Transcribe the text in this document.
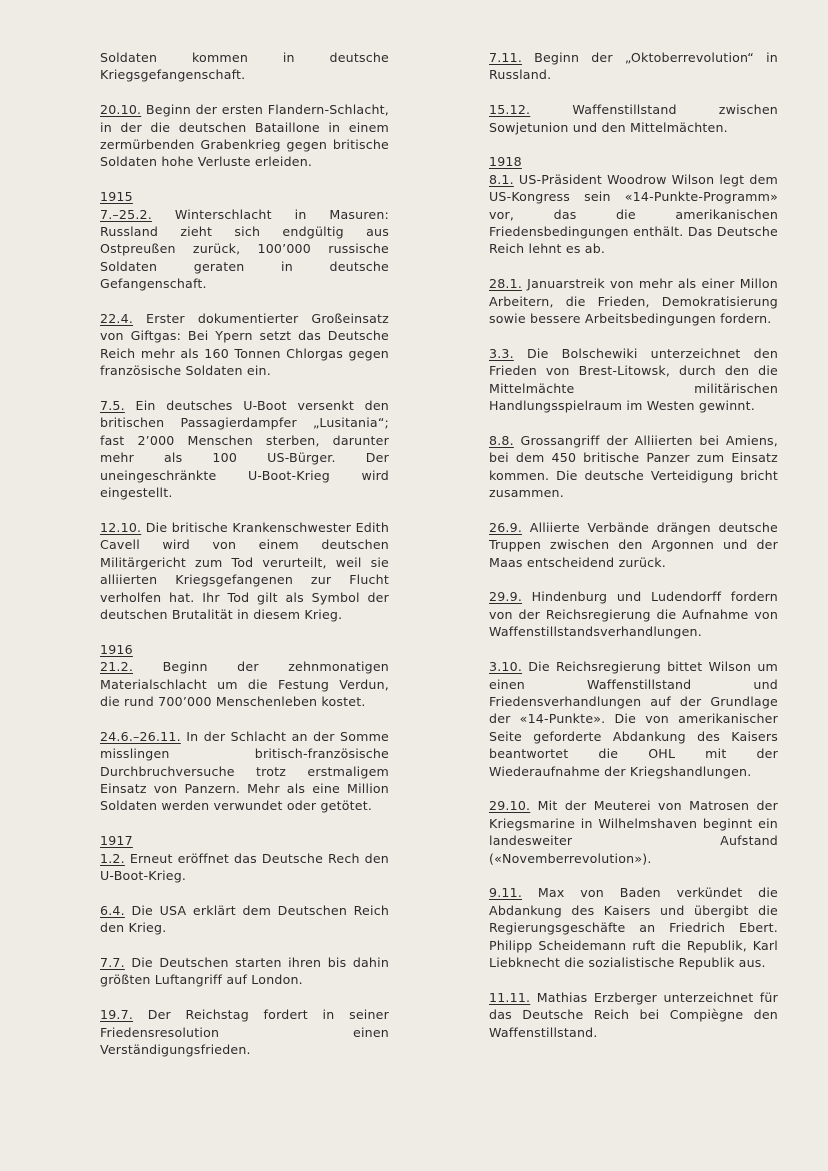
Soldaten kommen in deutsche Kriegsgefangenschaft.

20.10. Beginn der ersten Flandern-Schlacht, in der die deutschen Bataillone in einem zermürbenden Grabenkrieg gegen britische Soldaten hohe Verluste erleiden.

1915

7.–25.2. Winterschlacht in Masuren: Russland zieht sich endgültig aus Ostpreußen zurück, 100’000 russische Soldaten geraten in deutsche Gefangenschaft.

22.4. Erster dokumentierter Großeinsatz von Giftgas: Bei Ypern setzt das Deutsche Reich mehr als 160 Tonnen Chlorgas gegen französische Soldaten ein.

7.5. Ein deutsches U-Boot versenkt den britischen Passagierdampfer „Lusitania“; fast 2’000 Menschen sterben, darunter mehr als 100 US-Bürger. Der uneingeschränkte U-Boot-Krieg wird eingestellt.

12.10. Die britische Krankenschwester Edith Cavell wird von einem deutschen Militärgericht zum Tod verurteilt, weil sie alliierten Kriegsgefangenen zur Flucht verholfen hat. Ihr Tod gilt als Symbol der deutschen Brutalität in diesem Krieg.

1916

21.2. Beginn der zehnmonatigen Materialschlacht um die Festung Verdun, die rund 700’000 Menschenleben kostet.

24.6.–26.11. In der Schlacht an der Somme misslingen britisch-französische Durchbruchversuche trotz erstmaligem Einsatz von Panzern. Mehr als eine Million Soldaten werden verwundet oder getötet.

1917

1.2. Erneut eröffnet das Deutsche Rech den U-Boot-Krieg.

6.4. Die USA erklärt dem Deutschen Reich den Krieg.

7.7. Die Deutschen starten ihren bis dahin größten Luftangriff auf London.

19.7. Der Reichstag fordert in seiner Friedensresolution einen Verständigungsfrieden.

7.11. Beginn der „Oktoberrevolution“ in Russland.

15.12. Waffenstillstand zwischen Sowjetunion und den Mittelmächten.

1918

8.1. US-Präsident Woodrow Wilson legt dem US-Kongress sein «14-Punkte-Programm» vor, das die amerikanischen Friedensbedingungen enthält. Das Deutsche Reich lehnt es ab.

28.1. Januarstreik von mehr als einer Millon Arbeitern, die Frieden, Demokratisierung sowie bessere Arbeitsbedingungen fordern.

3.3. Die Bolschewiki unterzeichnet den Frieden von Brest-Litowsk, durch den die Mittelmächte militärischen Handlungsspielraum im Westen gewinnt.

8.8. Grossangriff der Alliierten bei Amiens, bei dem 450 britische Panzer zum Einsatz kommen. Die deutsche Verteidigung bricht zusammen.

26.9. Alliierte Verbände drängen deutsche Truppen zwischen den Argonnen und der Maas entscheidend zurück.

29.9. Hindenburg und Ludendorff fordern von der Reichsregierung die Aufnahme von Waffenstillstandsverhandlungen.

3.10. Die Reichsregierung bittet Wilson um einen Waffenstillstand und Friedensverhandlungen auf der Grundlage der «14-Punkte». Die von amerikanischer Seite geforderte Abdankung des Kaisers beantwortet die OHL mit der Wiederaufnahme der Kriegshandlungen.

29.10. Mit der Meuterei von Matrosen der Kriegsmarine in Wilhelmshaven beginnt ein landesweiter Aufstand («Novemberrevolution»).

9.11. Max von Baden verkündet die Abdankung des Kaisers und übergibt die Regierungsgeschäfte an Friedrich Ebert. Philipp Scheidemann ruft die Republik, Karl Liebknecht die sozialistische Republik aus.

11.11. Mathias Erzberger unterzeichnet für das Deutsche Reich bei Compiègne den Waffenstillstand.
